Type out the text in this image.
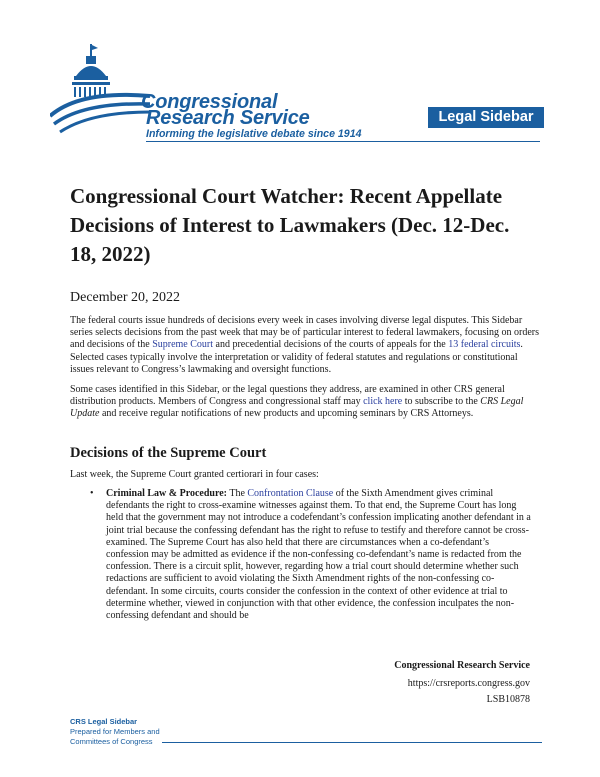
Congressional
Research Service
Informing the legislative debate since 1914
Legal Sidebar
Congressional Court Watcher: Recent Appellate Decisions of Interest to Lawmakers (Dec. 12-Dec. 18, 2022)
December 20, 2022

The federal courts issue hundreds of decisions every week in cases involving diverse legal disputes. This Sidebar series selects decisions from the past week that may be of particular interest to federal lawmakers, focusing on orders and decisions of the Supreme Court and precedential decisions of the courts of appeals for the 13 federal circuits. Selected cases typically involve the interpretation or validity of federal statutes and regulations or constitutional issues relevant to Congress’s lawmaking and oversight functions.

Some cases identified in this Sidebar, or the legal questions they address, are examined in other CRS general distribution products. Members of Congress and congressional staff may click here to subscribe to the CRS Legal Update and receive regular notifications of new products and upcoming seminars by CRS Attorneys.

Decisions of the Supreme Court

Last week, the Supreme Court granted certiorari in four cases:

• Criminal Law & Procedure: The Confrontation Clause of the Sixth Amendment gives criminal defendants the right to cross-examine witnesses against them. To that end, the Supreme Court has long held that the government may not introduce a codefendant’s confession implicating another defendant in a joint trial because the confessing defendant has the right to refuse to testify and therefore cannot be cross-examined. The Supreme Court has also held that there are circumstances when a co-defendant’s confession may be admitted as evidence if the non-confessing co-defendant’s name is redacted from the confession. There is a circuit split, however, regarding how a trial court should determine whether such redactions are sufficient to avoid violating the Sixth Amendment rights of the non-confessing co-defendant. In some circuits, courts consider the confession in the context of other evidence at trial to determine whether, viewed in conjunction with that other evidence, the confession inculpates the non-confessing defendant and should be

Congressional Research Service
https://crsreports.congress.gov
LSB10878
CRS Legal Sidebar
Prepared for Members and
Committees of Congress
